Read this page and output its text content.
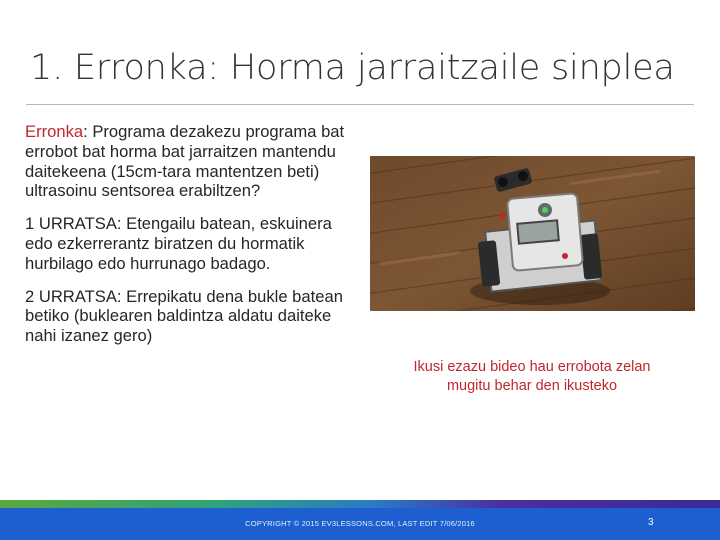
1. Erronka: Horma jarraitzaile sinplea

Erronka: Programa dezakezu programa bat errobot bat horma bat jarraitzen mantendu daitekeena (15cm-tara mantentzen beti) ultrasoinu sentsorea erabiltzen?

1 URRATSA: Etengailu batean, eskuinera edo ezkerrerantz biratzen du hormatik hurbilago edo hurrunago badago.

2 URRATSA: Errepikatu dena bukle batean betiko (buklearen baldintza aldatu daiteke nahi izanez gero)

Ikusi ezazu bideo hau errobota zelan mugitu behar den ikusteko
COPYRIGHT © 2015 EV3LESSONS.COM, LAST EDIT 7/06/2016	3
